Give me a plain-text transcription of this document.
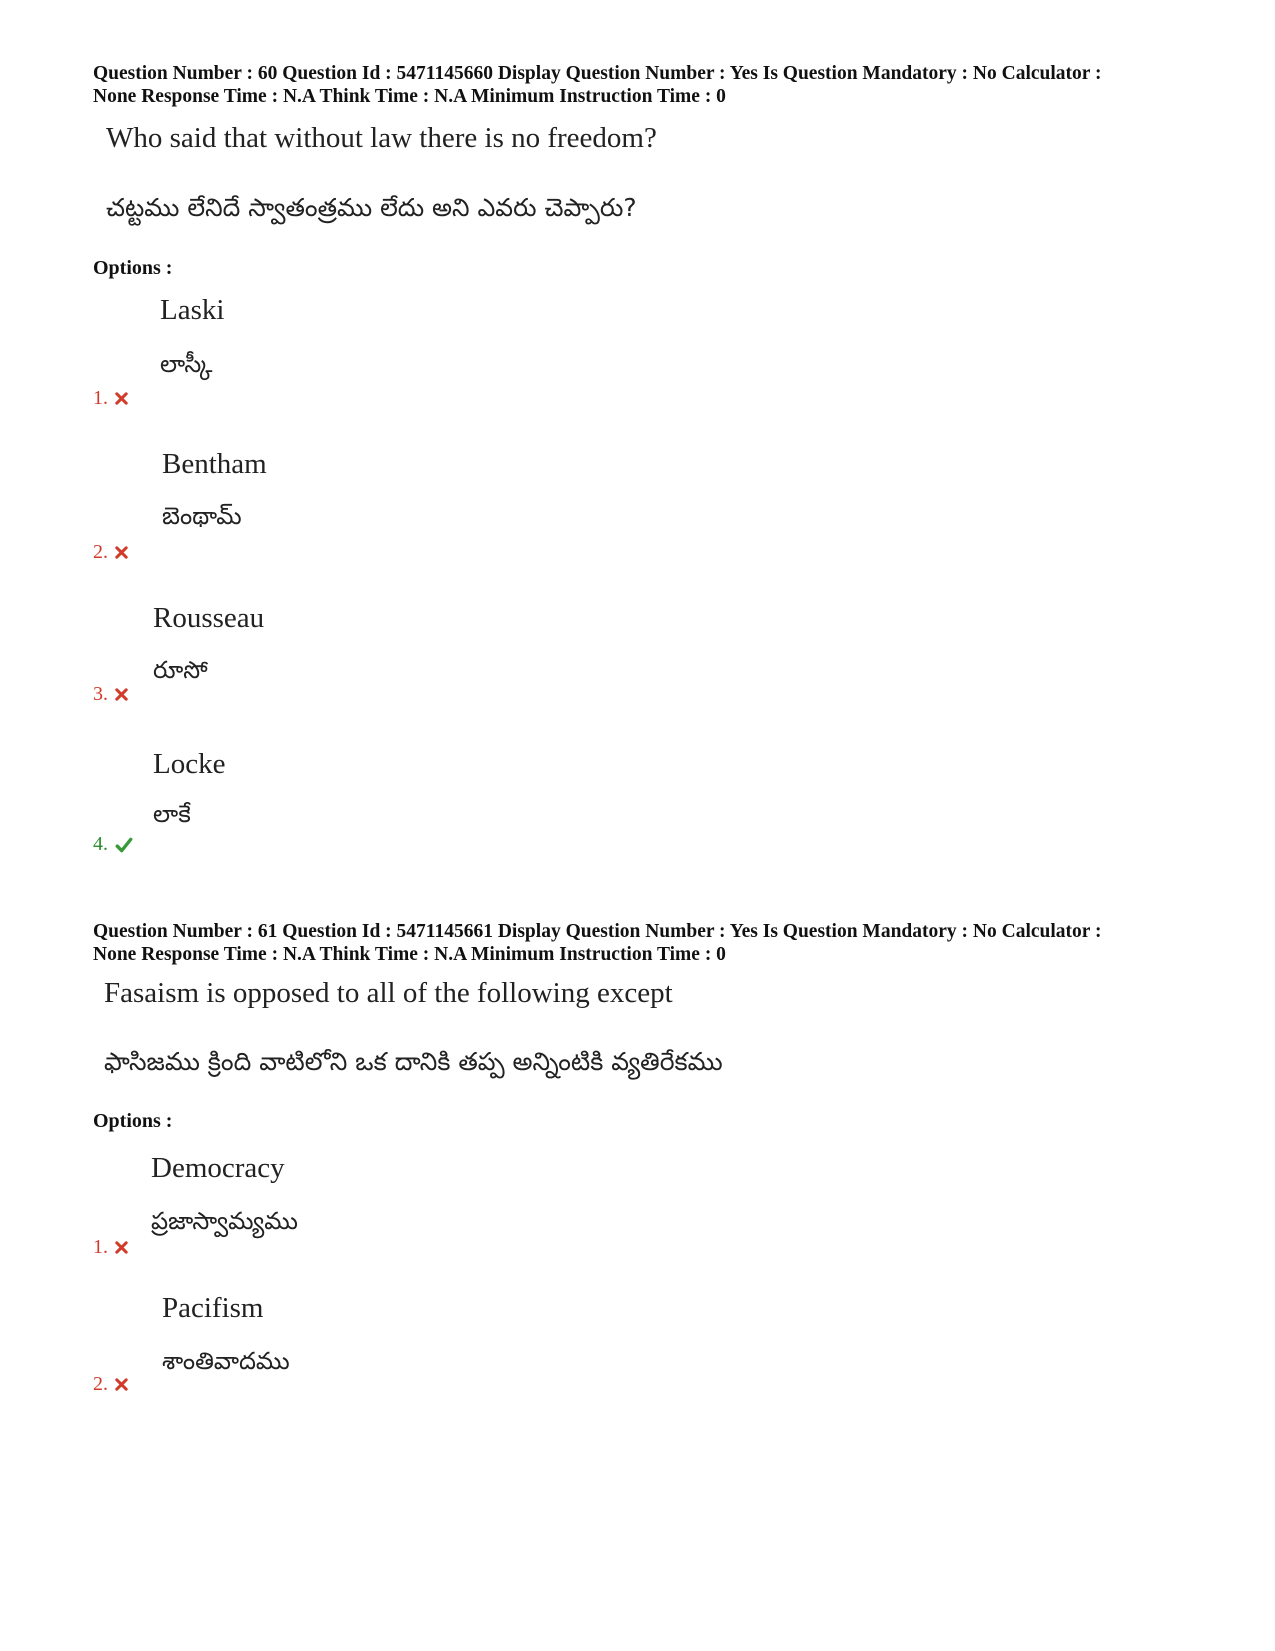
Question Number : 60 Question Id : 5471145660 Display Question Number : Yes Is Question Mandatory : No Calculator :
None Response Time : N.A Think Time : N.A Minimum Instruction Time : 0
Who said that without law there is no freedom?
చట్టము లేనిదే స్వాతంత్రము లేదు అని ఎవరు చెప్పారు?
Options :
Laski
లాస్కీ
1.
Bentham
బెంథామ్
2.
Rousseau
రూసో
3.
Locke
లాకే
4.
Question Number : 61 Question Id : 5471145661 Display Question Number : Yes Is Question Mandatory : No Calculator :
None Response Time : N.A Think Time : N.A Minimum Instruction Time : 0
Fasaism is opposed to all of the following except
ఫాసిజము క్రింది వాటిలోని ఒక దానికి తప్ప అన్నింటికి వ్యతిరేకము
Options :
Democracy
ప్రజాస్వామ్యము
1.
Pacifism
శాంతివాదము
2.
